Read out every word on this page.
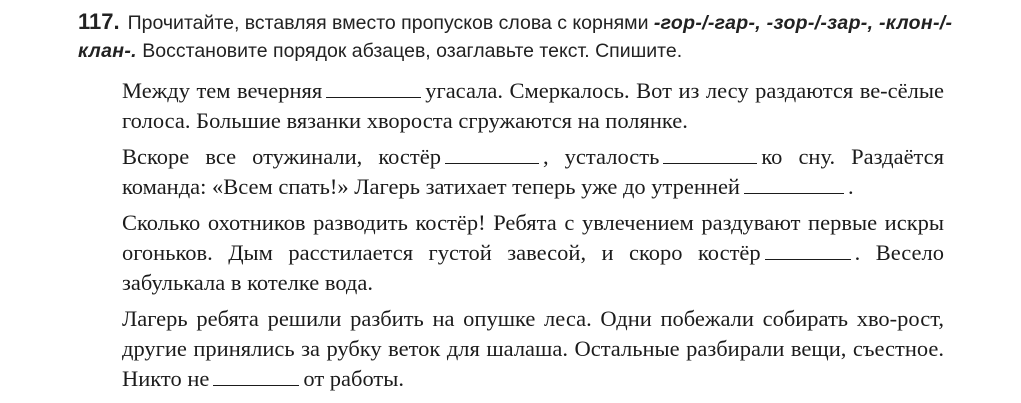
117. Прочитайте, вставляя вместо пропусков слова с корнями -гор-/-гар-, -зор-/-зар-, -клон-/-клан-. Восстановите порядок абзацев, озаглавьте текст. Спишите.

Между тем вечерняя	угасала. Смеркалось. Вот из лесу раздаются ве-сёлые голоса. Большие вязанки хвороста сгружаются на полянке.

Вскоре все отужинали, костёр	, усталость	ко сну. Раздаётся команда: «Всем спать!» Лагерь затихает теперь уже до утренней	.

Сколько охотников разводить костёр! Ребята с увлечением раздувают первые искры огоньков. Дым расстилается густой завесой, и скоро костёр	. Весело забулькала в котелке вода.

Лагерь ребята решили разбить на опушке леса. Одни побежали собирать хво-рост, другие принялись за рубку веток для шалаша. Остальные разбирали вещи, съестное. Никто не	от работы.
